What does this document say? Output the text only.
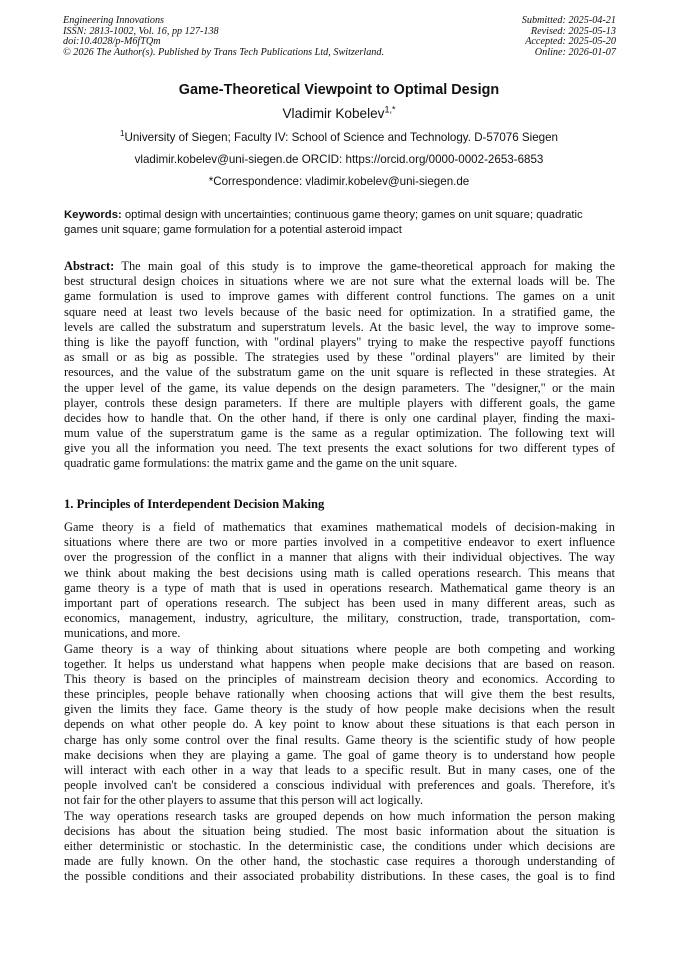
Engineering Innovations
ISSN: 2813-1002, Vol. 16, pp 127-138
doi:10.4028/p-M6fTQm
© 2026 The Author(s). Published by Trans Tech Publications Ltd, Switzerland.
Submitted: 2025-04-21
Revised: 2025-05-13
Accepted: 2025-05-20
Online: 2026-01-07
Game-Theoretical Viewpoint to Optimal Design
Vladimir Kobelev$^{1,*}$
$^1$University of Siegen; Faculty IV: School of Science and Technology. D-57076 Siegen
vladimir.kobelev@uni-siegen.de ORCID: https://orcid.org/0000-0002-2653-6853
*Correspondence: vladimir.kobelev@uni-siegen.de
Keywords: optimal design with uncertainties; continuous game theory; games on unit square; quadratic games unit square; game formulation for a potential asteroid impact
Abstract: The main goal of this study is to improve the game-theoretical approach for making the
best structural design choices in situations where we are not sure what the external loads will be. The
game formulation is used to improve games with different control functions. The games on a unit
square need at least two levels because of the basic need for optimization. In a stratified game, the
levels are called the substratum and superstratum levels. At the basic level, the way to improve some-
thing is like the payoff function, with "ordinal players" trying to make the respective payoff functions
as small or as big as possible. The strategies used by these "ordinal players" are limited by their
resources, and the value of the substratum game on the unit square is reflected in these strategies. At
the upper level of the game, its value depends on the design parameters. The "designer," or the main
player, controls these design parameters. If there are multiple players with different goals, the game
decides how to handle that. On the other hand, if there is only one cardinal player, finding the maxi-
mum value of the superstratum game is the same as a regular optimization. The following text will
give you all the information you need. The text presents the exact solutions for two different types of
quadratic game formulations: the matrix game and the game on the unit square.
1. Principles of Interdependent Decision Making
Game theory is a field of mathematics that examines mathematical models of decision-making in
situations where there are two or more parties involved in a competitive endeavor to exert influence
over the progression of the conflict in a manner that aligns with their individual objectives. The way
we think about making the best decisions using math is called operations research. This means that
game theory is a type of math that is used in operations research. Mathematical game theory is an
important part of operations research. The subject has been used in many different areas, such as
economics, management, industry, agriculture, the military, construction, trade, transportation, com-
munications, and more.
Game theory is a way of thinking about situations where people are both competing and working
together. It helps us understand what happens when people make decisions that are based on reason.
This theory is based on the principles of mainstream decision theory and economics. According to
these principles, people behave rationally when choosing actions that will give them the best results,
given the limits they face. Game theory is the study of how people make decisions when the result
depends on what other people do. A key point to know about these situations is that each person in
charge has only some control over the final results. Game theory is the scientific study of how people
make decisions when they are playing a game. The goal of game theory is to understand how people
will interact with each other in a way that leads to a specific result. But in many cases, one of the
people involved can't be considered a conscious individual with preferences and goals. Therefore, it's
not fair for the other players to assume that this person will act logically.
The way operations research tasks are grouped depends on how much information the person making
decisions has about the situation being studied. The most basic information about the situation is
either deterministic or stochastic. In the deterministic case, the conditions under which decisions are
made are fully known. On the other hand, the stochastic case requires a thorough understanding of
the possible conditions and their associated probability distributions. In these cases, the goal is to find
